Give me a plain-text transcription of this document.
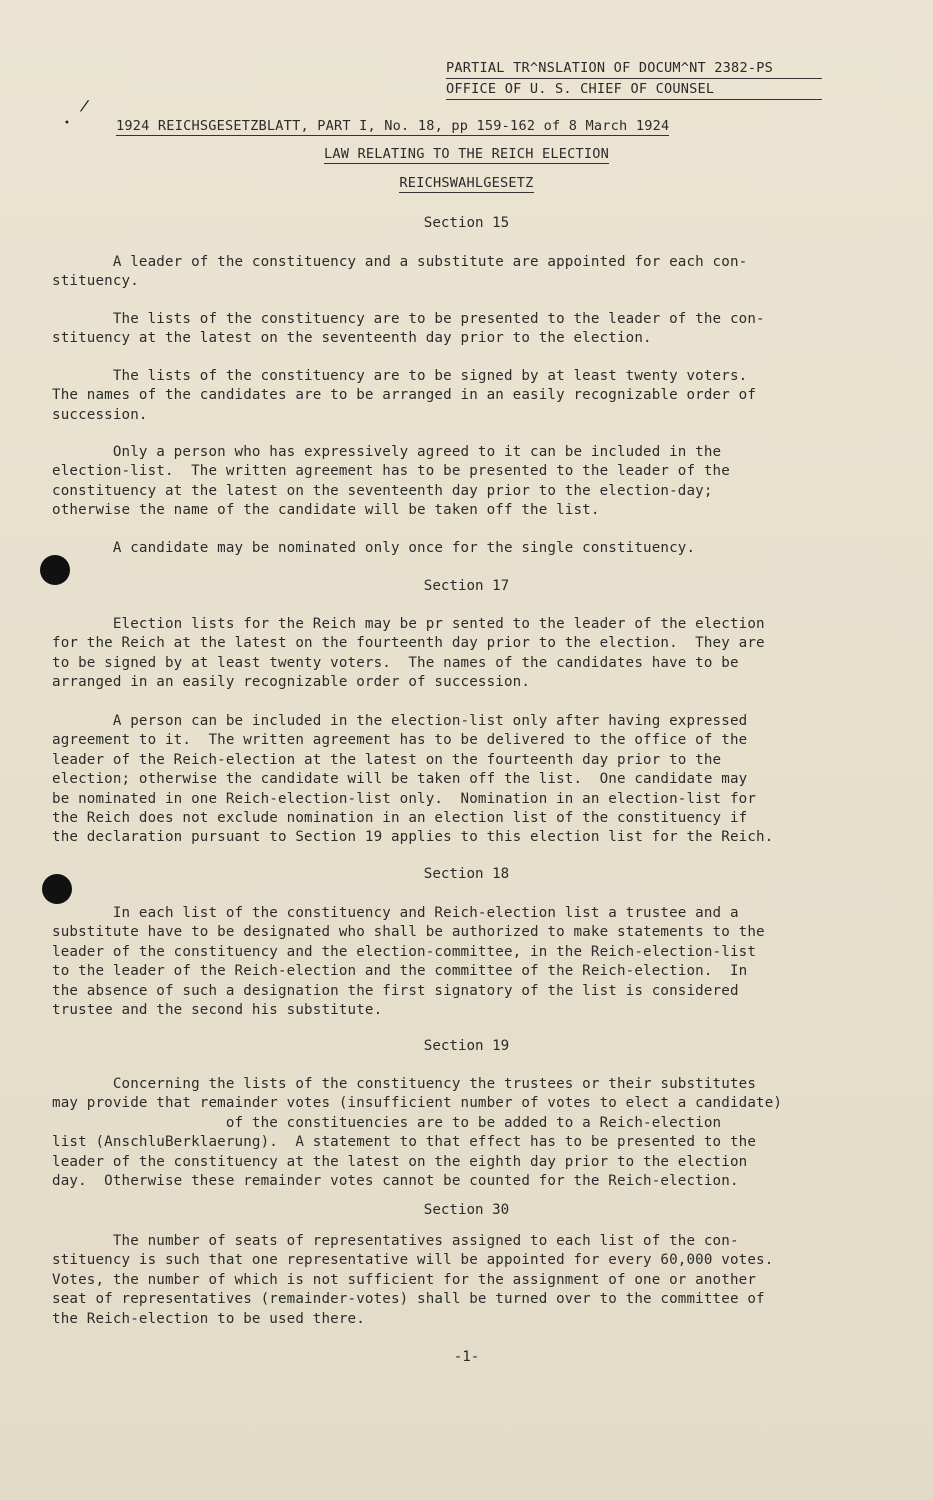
/
•
PARTIAL TR^NSLATION OF DOCUM^NT 2382-PS
OFFICE OF U. S. CHIEF OF COUNSEL
1924 REICHSGESETZBLATT, PART I, No. 18, pp 159-162 of 8 March 1924
LAW RELATING TO THE REICH ELECTION
REICHSWAHLGESETZ
Section 15
A leader of the constituency and a substitute are appointed for each con-
stituency.
The lists of the constituency are to be presented to the leader of the con-
stituency at the latest on the seventeenth day prior to the election.
The lists of the constituency are to be signed by at least twenty voters.
The names of the candidates are to be arranged in an easily recognizable order of
succession.
Only a person who has expressively agreed to it can be included in the
election-list.  The written agreement has to be presented to the leader of the
constituency at the latest on the seventeenth day prior to the election-day;
otherwise the name of the candidate will be taken off the list.
A candidate may be nominated only once for the single constituency.
Section 17
Election lists for the Reich may be pr sented to the leader of the election
for the Reich at the latest on the fourteenth day prior to the election.  They are
to be signed by at least twenty voters.  The names of the candidates have to be
arranged in an easily recognizable order of succession.
A person can be included in the election-list only after having expressed
agreement to it.  The written agreement has to be delivered to the office of the
leader of the Reich-election at the latest on the fourteenth day prior to the
election; otherwise the candidate will be taken off the list.  One candidate may
be nominated in one Reich-election-list only.  Nomination in an election-list for
the Reich does not exclude nomination in an election list of the constituency if
the declaration pursuant to Section 19 applies to this election list for the Reich.
Section 18
In each list of the constituency and Reich-election list a trustee and a
substitute have to be designated who shall be authorized to make statements to the
leader of the constituency and the election-committee, in the Reich-election-list
to the leader of the Reich-election and the committee of the Reich-election.  In
the absence of such a designation the first signatory of the list is considered
trustee and the second his substitute.
Section 19
Concerning the lists of the constituency the trustees or their substitutes
may provide that remainder votes (insufficient number of votes to elect a candidate)
of the constituencies are to be added to a Reich-election
list (AnschluBerklaerung).  A statement to that effect has to be presented to the
leader of the constituency at the latest on the eighth day prior to the election
day.  Otherwise these remainder votes cannot be counted for the Reich-election.
Section 30
The number of seats of representatives assigned to each list of the con-
stituency is such that one representative will be appointed for every 60,000 votes.
Votes, the number of which is not sufficient for the assignment of one or another
seat of representatives (remainder-votes) shall be turned over to the committee of
the Reich-election to be used there.
-1-
